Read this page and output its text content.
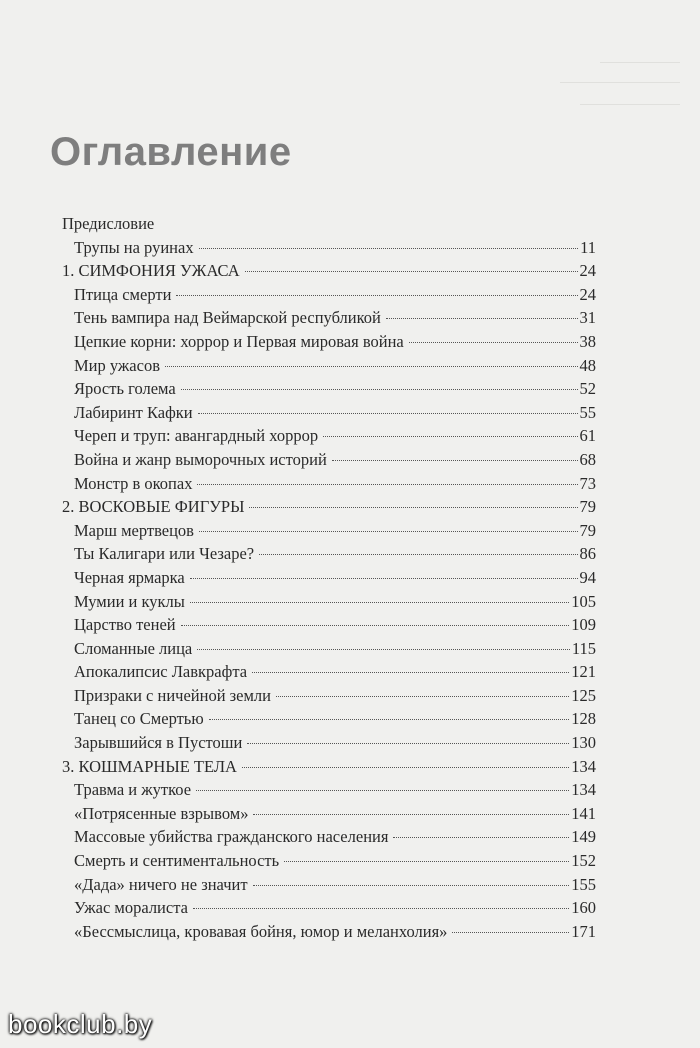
Оглавление
Предисловие
Трупы на руинах	11
1. СИМФОНИЯ УЖАСА	24
Птица смерти	24
Тень вампира над Веймарской республикой	31
Цепкие корни: хоррор и Первая мировая война	38
Мир ужасов	48
Ярость голема	52
Лабиринт Кафки	55
Череп и труп: авангардный хоррор	61
Война и жанр выморочных историй	68
Монстр в окопах	73
2. ВОСКОВЫЕ ФИГУРЫ	79
Марш мертвецов	79
Ты Калигари или Чезаре?	86
Черная ярмарка	94
Мумии и куклы	105
Царство теней	109
Сломанные лица	115
Апокалипсис Лавкрафта	121
Призраки с ничейной земли	125
Танец со Смертью	128
Зарывшийся в Пустоши	130
3. КОШМАРНЫЕ ТЕЛА	134
Травма и жуткое	134
«Потрясенные взрывом»	141
Массовые убийства гражданского населения	149
Смерть и сентиментальность	152
«Дада» ничего не значит	155
Ужас моралиста	160
«Бессмыслица, кровавая бойня, юмор и меланхолия»	171
bookclub.by
